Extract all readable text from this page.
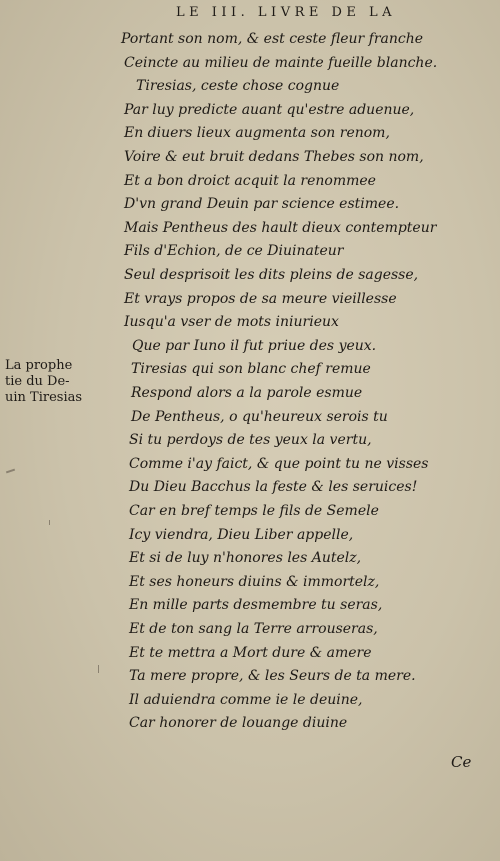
LE III. LIVRE DE LA
Portant son nom, & est ceste fleur franche
Ceincte au milieu de mainte fueille blanche.
Tiresias, ceste chose cognue
Par luy predicte auant qu'estre aduenue,
En diuers lieux augmenta son renom,
Voire & eut bruit dedans Thebes son nom,
Et a bon droict acquit la renommee
D'vn grand Deuin par science estimee.
Mais Pentheus des hault dieux contempteur
Fils d'Echion, de ce Diuinateur
Seul desprisoit les dits pleins de sagesse,
Et vrays propos de sa meure vieillesse
Iusqu'a vser de mots iniurieux
Que par Iuno il fut priue des yeux.
Tiresias qui son blanc chef remue
Respond alors a la parole esmue
De Pentheus, o qu'heureux serois tu
Si tu perdoys de tes yeux la vertu,
Comme i'ay faict, & que point tu ne visses
Du Dieu Bacchus la feste & les seruices!
Car en bref temps le fils de Semele
Icy viendra, Dieu Liber appelle,
Et si de luy n'honores les Autelz,
Et ses honeurs diuins & immortelz,
En mille parts desmembre tu seras,
Et de ton sang la Terre arrouseras,
Et te mettra a Mort dure & amere
Ta mere propre, & les Seurs de ta mere.
Il aduiendra comme ie le deuine,
Car honorer de louange diuine
La prophe
tie du De-
uin Tiresias
Ce
